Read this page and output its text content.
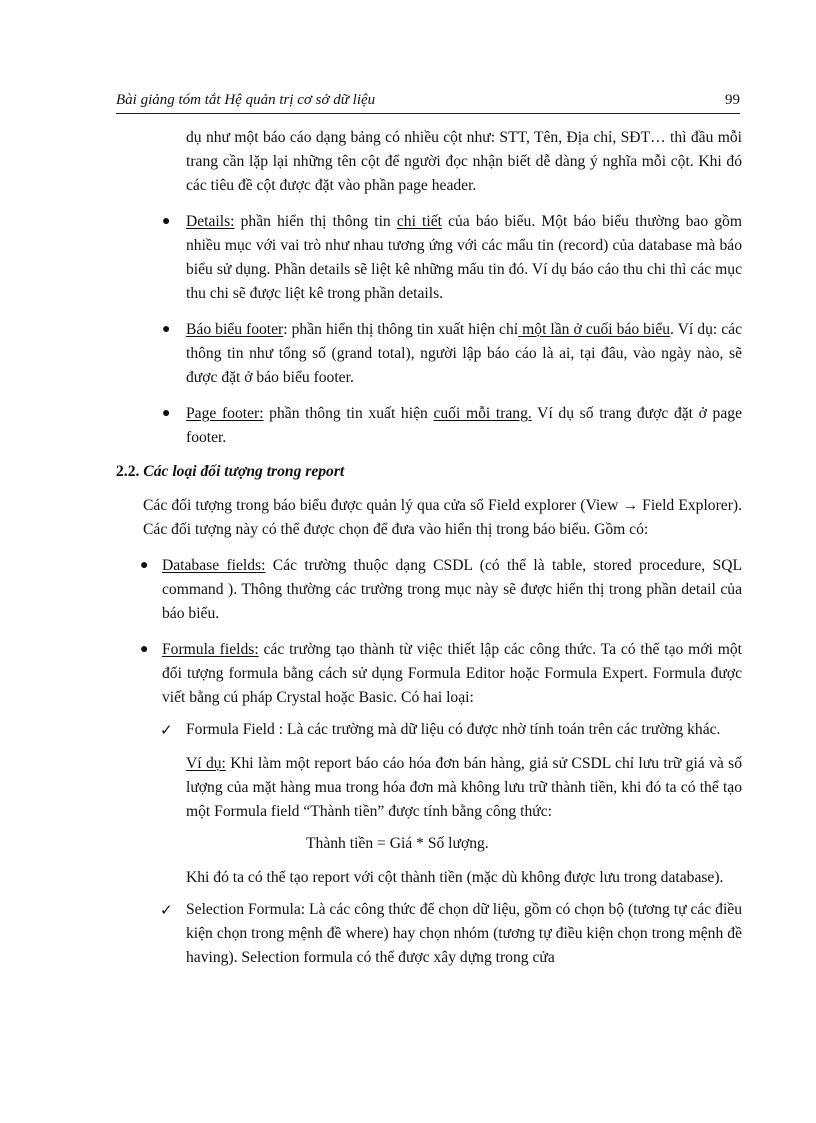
Bài giảng tóm tắt Hệ quản trị cơ sở dữ liệu	99

dụ như một báo cáo dạng bảng có nhiều cột như: STT, Tên, Địa chỉ, SĐT… thì đầu mỗi trang cần lặp lại những tên cột để người đọc nhận biết dễ dàng ý nghĩa mỗi cột. Khi đó các tiêu đề cột được đặt vào phần page header.

● Details: phần hiển thị thông tin chi tiết của báo biểu. Một báo biểu thường bao gồm nhiều mục với vai trò như nhau tương ứng với các mẩu tin (record) của database mà báo biểu sử dụng. Phần details sẽ liệt kê những mẩu tin đó. Ví dụ báo cáo thu chi thì các mục thu chi sẽ được liệt kê trong phần details.

● Báo biểu footer: phần hiển thị thông tin xuất hiện chỉ một lần ở cuối báo biểu. Ví dụ: các thông tin như tổng số (grand total), người lập báo cáo là ai, tại đâu, vào ngày nào, sẽ được đặt ở báo biểu footer.

● Page footer: phần thông tin xuất hiện cuối mỗi trang. Ví dụ số trang được đặt ở page footer.

2.2. Các loại đối tượng trong report

Các đối tượng trong báo biểu được quản lý qua cửa sổ Field explorer (View → Field Explorer). Các đối tượng này có thể được chọn để đưa vào hiển thị trong báo biểu. Gồm có:

● Database fields: Các trường thuộc dạng CSDL (có thể là table, stored procedure, SQL command ). Thông thường các trường trong mục này sẽ được hiển thị trong phần detail của báo biểu.

● Formula fields: các trường tạo thành từ việc thiết lập các công thức. Ta có thể tạo mới một đối tượng formula bằng cách sử dụng Formula Editor hoặc Formula Expert. Formula được viết bằng cú pháp Crystal hoặc Basic. Có hai loại:

✓ Formula Field : Là các trường mà dữ liệu có được nhờ tính toán trên các trường khác.

Ví dụ: Khi làm một report báo cáo hóa đơn bán hàng, giả sử CSDL chỉ lưu trữ giá và số lượng của mặt hàng mua trong hóa đơn mà không lưu trữ thành tiền, khi đó ta có thể tạo một Formula field “Thành tiền” được tính bằng công thức:

Thành tiền = Giá * Số lượng.

Khi đó ta có thể tạo report với cột thành tiền (mặc dù không được lưu trong database).

✓ Selection Formula: Là các công thức để chọn dữ liệu, gồm có chọn bộ (tương tự các điều kiện chọn trong mệnh đề where) hay chọn nhóm (tương tự điều kiện chọn trong mệnh đề having). Selection formula có thể được xây dựng trong cửa
